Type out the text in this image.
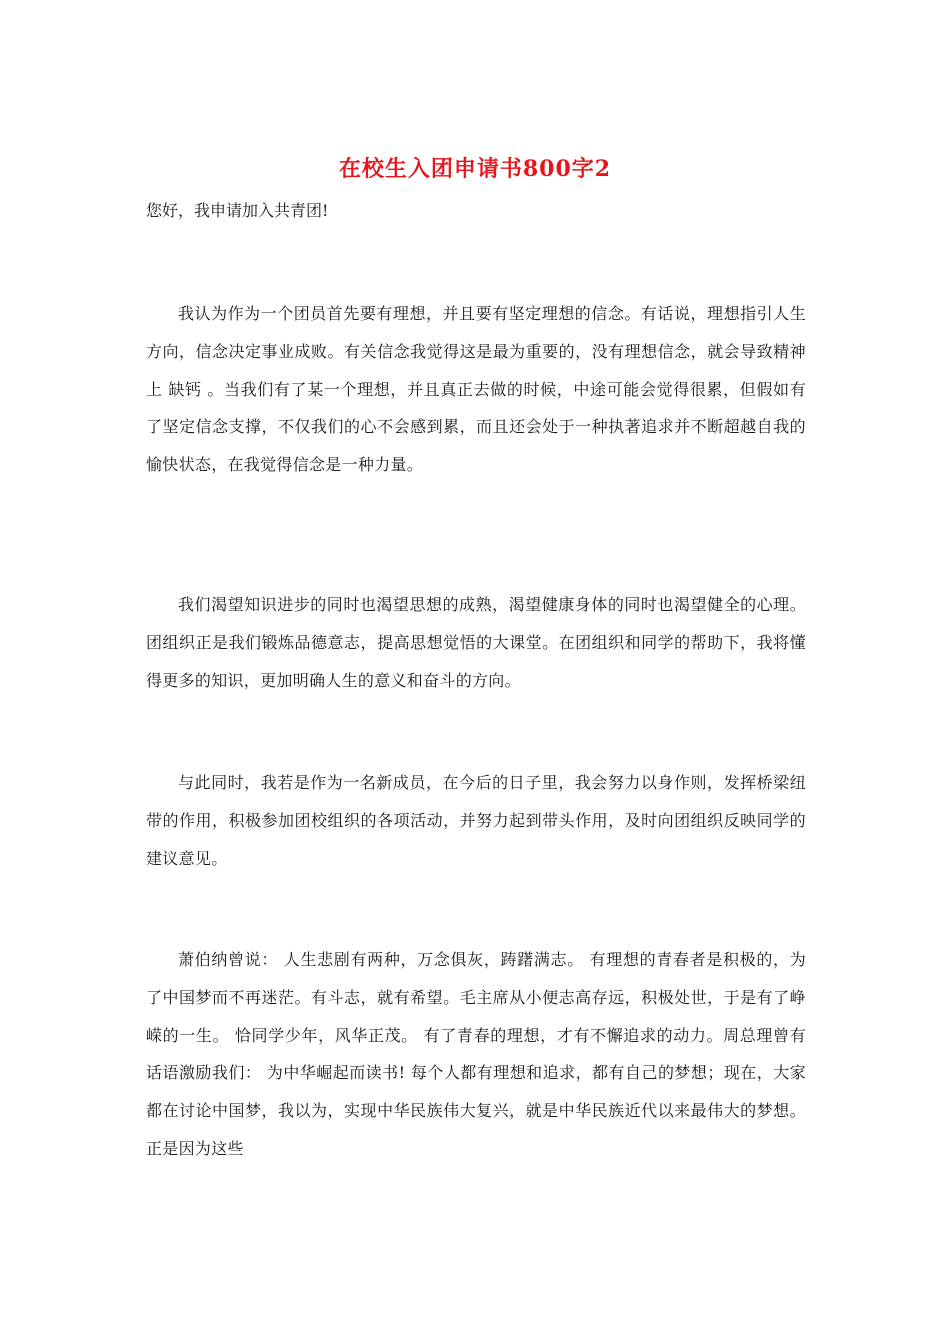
在校生入团申请书800字2

您好，我申请加入共青团!

我认为作为一个团员首先要有理想，并且要有坚定理想的信念。有话说，理想指引人生方向，信念决定事业成败。有关信念我觉得这是最为重要的，没有理想信念，就会导致精神上 缺钙 。当我们有了某一个理想，并且真正去做的时候，中途可能会觉得很累，但假如有了坚定信念支撑，不仅我们的心不会感到累，而且还会处于一种执著追求并不断超越自我的愉快状态，在我觉得信念是一种力量。

我们渴望知识进步的同时也渴望思想的成熟，渴望健康身体的同时也渴望健全的心理。团组织正是我们锻炼品德意志，提高思想觉悟的大课堂。在团组织和同学的帮助下，我将懂得更多的知识，更加明确人生的意义和奋斗的方向。

与此同时，我若是作为一名新成员，在今后的日子里，我会努力以身作则，发挥桥梁纽带的作用，积极参加团校组织的各项活动，并努力起到带头作用，及时向团组织反映同学的建议意见。

萧伯纳曾说： 人生悲剧有两种，万念俱灰，踌躇满志。 有理想的青春者是积极的，为了中国梦而不再迷茫。有斗志，就有希望。毛主席从小便志高存远，积极处世，于是有了峥嵘的一生。 恰同学少年，风华正茂。 有了青春的理想，才有不懈追求的动力。周总理曾有话语激励我们： 为中华崛起而读书! 每个人都有理想和追求，都有自己的梦想；现在，大家都在讨论中国梦，我以为，实现中华民族伟大复兴，就是中华民族近代以来最伟大的梦想。正是因为这些
